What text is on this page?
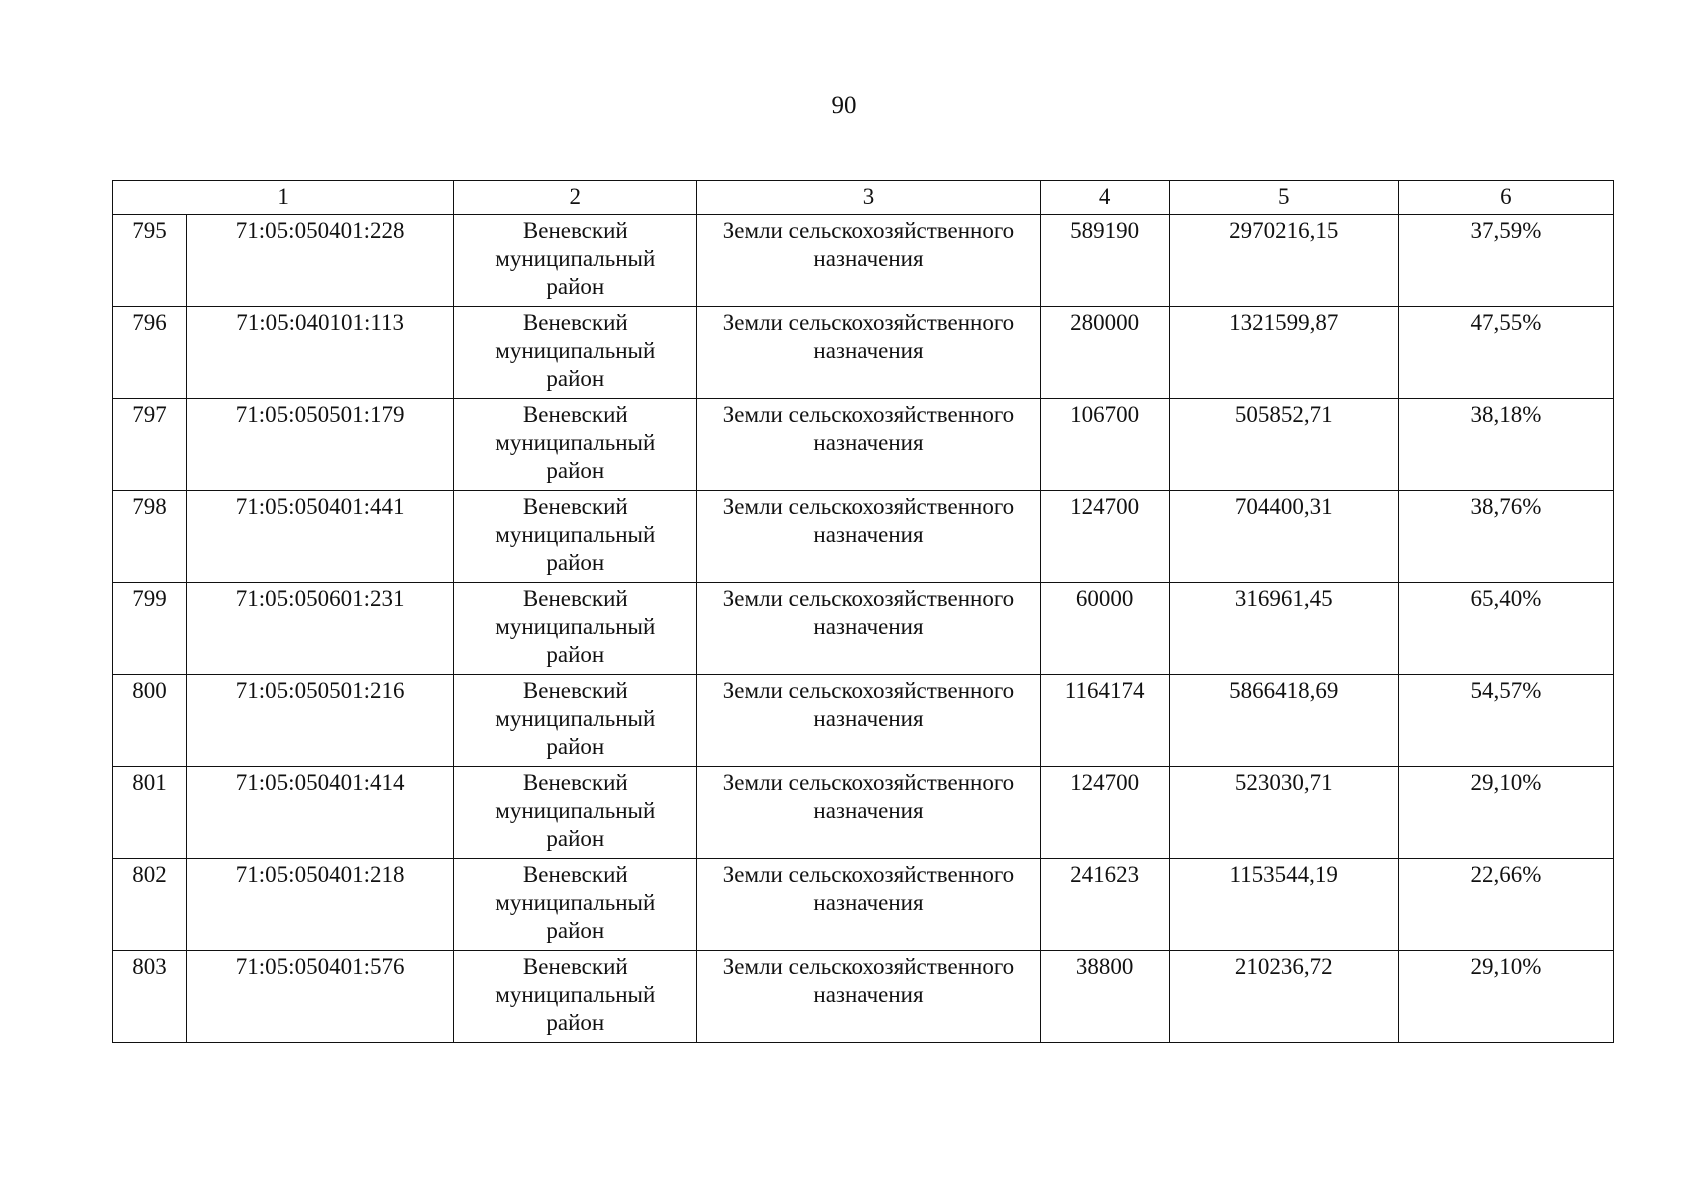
90
1		2	3	4	5	6
795	71:05:050401:228	Веневский
муниципальный
район	Земли сельскохозяйственного
назначения	589190	2970216,15	37,59%
796	71:05:040101:113	Веневский
муниципальный
район	Земли сельскохозяйственного
назначения	280000	1321599,87	47,55%
797	71:05:050501:179	Веневский
муниципальный
район	Земли сельскохозяйственного
назначения	106700	505852,71	38,18%
798	71:05:050401:441	Веневский
муниципальный
район	Земли сельскохозяйственного
назначения	124700	704400,31	38,76%
799	71:05:050601:231	Веневский
муниципальный
район	Земли сельскохозяйственного
назначения	60000	316961,45	65,40%
800	71:05:050501:216	Веневский
муниципальный
район	Земли сельскохозяйственного
назначения	1164174	5866418,69	54,57%
801	71:05:050401:414	Веневский
муниципальный
район	Земли сельскохозяйственного
назначения	124700	523030,71	29,10%
802	71:05:050401:218	Веневский
муниципальный
район	Земли сельскохозяйственного
назначения	241623	1153544,19	22,66%
803	71:05:050401:576	Веневский
муниципальный
район	Земли сельскохозяйственного
назначения	38800	210236,72	29,10%
